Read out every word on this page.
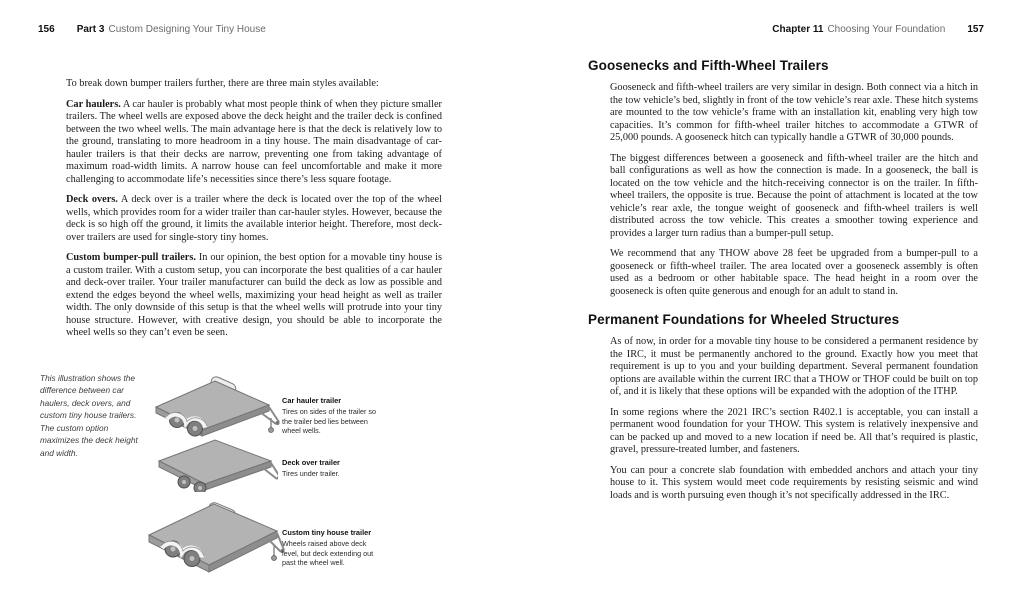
156 Part 3 Custom Designing Your Tiny House

To break down bumper trailers further, there are three main styles available:

Car haulers. A car hauler is probably what most people think of when they picture smaller trailers. The wheel wells are exposed above the deck height and the trailer deck is confined between the two wheel wells. The main advantage here is that the deck is relatively low to the ground, translating to more headroom in a tiny house. The main disadvantage of car-hauler trailers is that their decks are narrow, preventing one from taking advantage of maximum road-width limits. A narrow house can feel uncomfortable and make it more challenging to accommodate life’s necessities since there’s less square footage.

Deck overs. A deck over is a trailer where the deck is located over the top of the wheel wells, which provides room for a wider trailer than car-hauler styles. However, because the deck is so high off the ground, it limits the available interior height. Therefore, most deck-over trailers are used for single-story tiny homes.

Custom bumper-pull trailers. In our opinion, the best option for a movable tiny house is a custom trailer. With a custom setup, you can incorporate the best qualities of a car hauler and deck-over trailer. Your trailer manufacturer can build the deck as low as possible and extend the edges beyond the wheel wells, maximizing your head height as well as trailer width. The only downside of this setup is that the wheel wells will protrude into your tiny house structure. However, with creative design, you should be able to incorporate the wheel wells so they can’t even be seen.

This illustration shows the difference between car haulers, deck overs, and custom tiny house trailers. The custom option maximizes the deck height and width.
Car hauler trailer
Tires on sides of the trailer so the trailer bed lies between wheel wells.
Deck over trailer
Tires under trailer.
Custom tiny house trailer
Wheels raised above deck level, but deck extending out past the wheel well.
Chapter 11 Choosing Your Foundation 157
Goosenecks and Fifth-Wheel Trailers

Gooseneck and fifth-wheel trailers are very similar in design. Both connect via a hitch in the tow vehicle’s bed, slightly in front of the tow vehicle’s rear axle. These hitch systems are mounted to the tow vehicle’s frame with an installation kit, enabling very high tow capacities. It’s common for fifth-wheel trailer hitches to accommodate a GTWR of 25,000 pounds. A gooseneck hitch can typically handle a GTWR of 30,000 pounds.

The biggest differences between a gooseneck and fifth-wheel trailer are the hitch and ball configurations as well as how the connection is made. In a gooseneck, the ball is located on the tow vehicle and the hitch-receiving connector is on the trailer. In fifth-wheel trailers, the opposite is true. Because the point of attachment is located at the tow vehicle’s rear axle, the tongue weight of gooseneck and fifth-wheel trailers is well distributed across the tow vehicle. This creates a smoother towing experience and provides a larger turn radius than a bumper-pull setup.

We recommend that any THOW above 28 feet be upgraded from a bumper-pull to a gooseneck or fifth-wheel trailer. The area located over a gooseneck assembly is often used as a bedroom or other habitable space. The head height in a room over the gooseneck is often quite generous and enough for an adult to stand in.

Permanent Foundations for Wheeled Structures

As of now, in order for a movable tiny house to be considered a permanent residence by the IRC, it must be permanently anchored to the ground. Exactly how you meet that requirement is up to you and your building department. Several permanent foundation options are available within the current IRC that a THOW or THOF could be built on top of, and it is likely that these options will be expanded with the adoption of the ITHP.

In some regions where the 2021 IRC’s section R402.1 is acceptable, you can install a permanent wood foundation for your THOW. This system is relatively inexpensive and can be packed up and moved to a new location if need be. All that’s required is plastic, gravel, pressure-treated lumber, and fasteners.

You can pour a concrete slab foundation with embedded anchors and attach your tiny house to it. This system would meet code requirements by resisting seismic and wind loads and is worth pursuing even though it’s not specifically addressed in the IRC.
